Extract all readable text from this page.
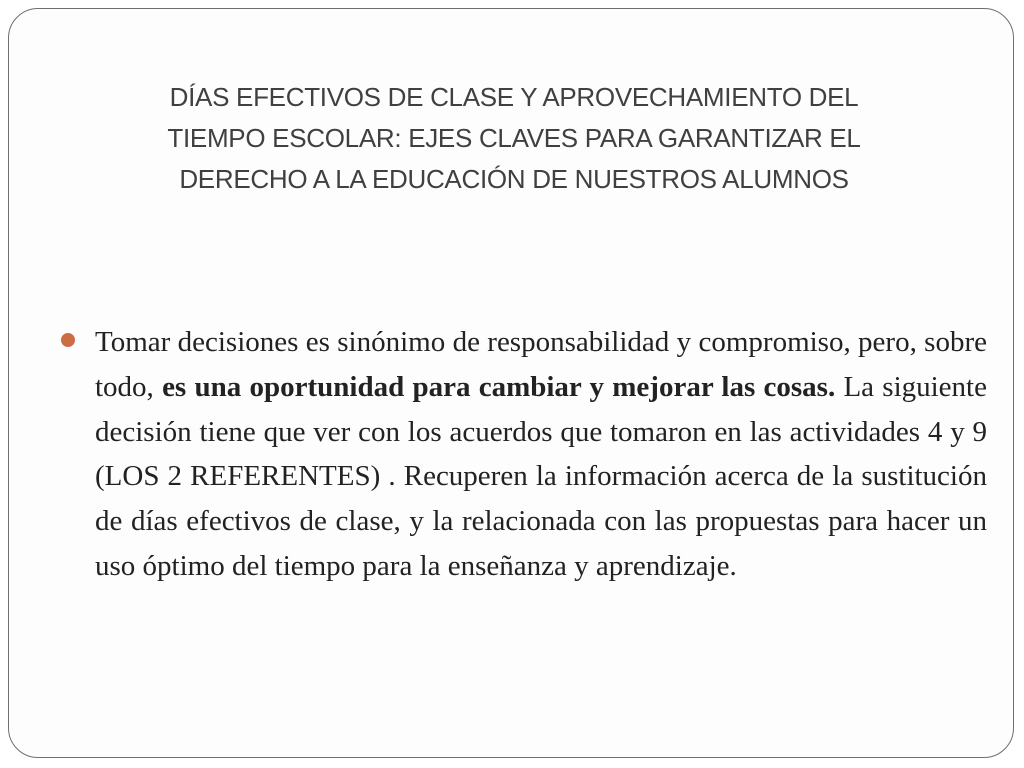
DÍAS EFECTIVOS DE CLASE Y APROVECHAMIENTO DEL
TIEMPO ESCOLAR: EJES CLAVES PARA GARANTIZAR EL
DERECHO A LA EDUCACIÓN DE NUESTROS ALUMNOS
Tomar decisiones es sinónimo de responsabilidad y compromiso, pero, sobre todo, es una oportunidad para cambiar y mejorar las cosas. La siguiente decisión tiene que ver con los acuerdos que tomaron en las actividades 4 y 9 (LOS 2 REFERENTES) . Recuperen la información acerca de la sustitución de días efectivos de clase, y la relacionada con las propuestas para hacer un uso óptimo del tiempo para la enseñanza y aprendizaje.
